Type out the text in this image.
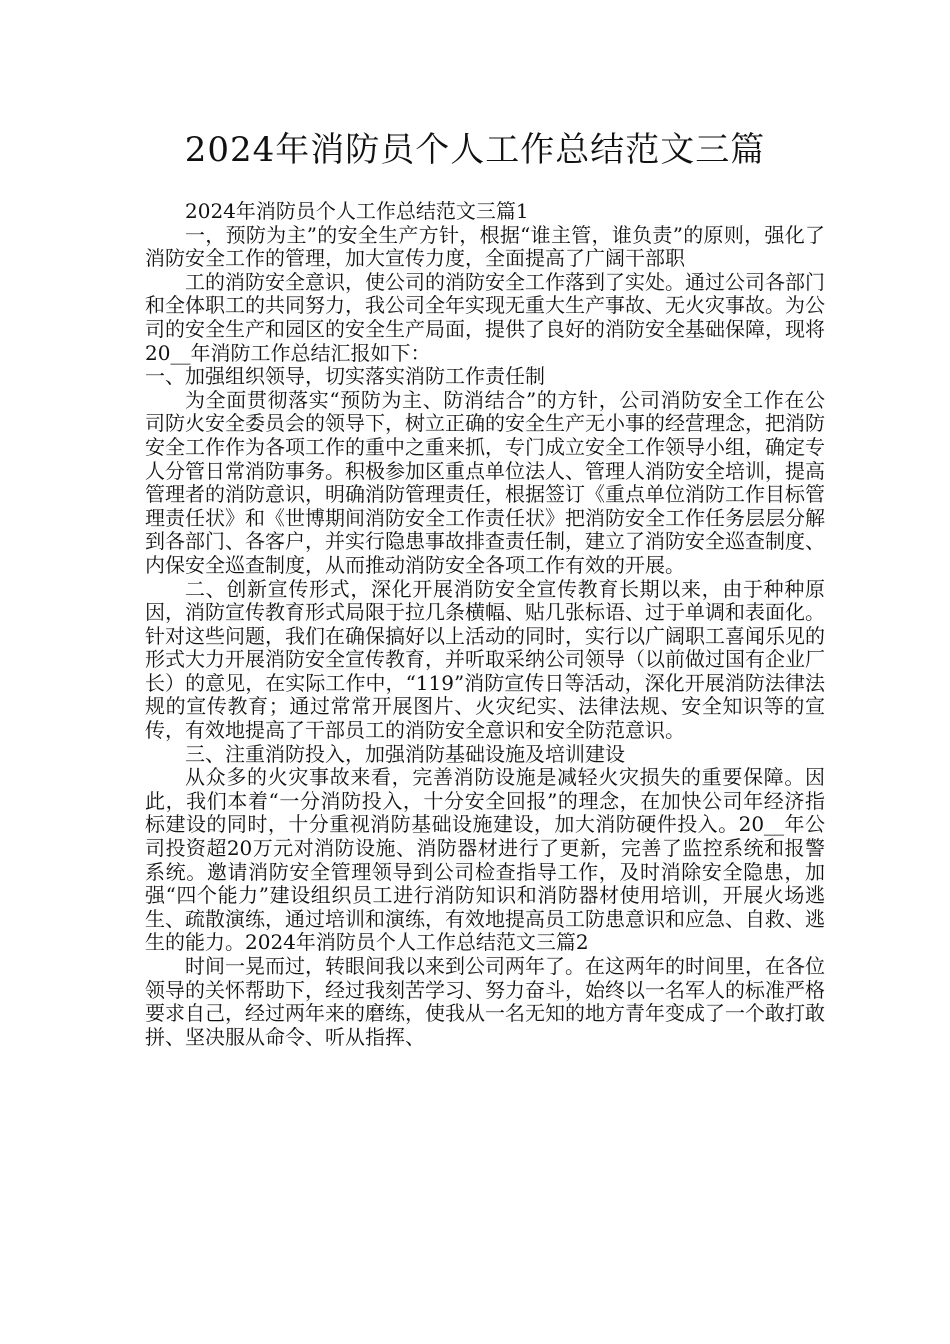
2024年消防员个人工作总结范文三篇

2024年消防员个人工作总结范文三篇1

一，预防为主”的安全生产方针，根据“谁主管，谁负责”的原则，强化了消防安全工作的管理，加大宣传力度，全面提高了广阔干部职

工的消防安全意识，使公司的消防安全工作落到了实处。通过公司各部门和全体职工的共同努力，我公司全年实现无重大生产事故、无火灾事故。为公司的安全生产和园区的安全生产局面，提供了良好的消防安全基础保障，现将20__年消防工作总结汇报如下：

一、加强组织领导，切实落实消防工作责任制

为全面贯彻落实“预防为主、防消结合”的方针，公司消防安全工作在公司防火安全委员会的领导下，树立正确的安全生产无小事的经营理念，把消防安全工作作为各项工作的重中之重来抓，专门成立安全工作领导小组，确定专人分管日常消防事务。积极参加区重点单位法人、管理人消防安全培训，提高管理者的消防意识，明确消防管理责任，根据签订《重点单位消防工作目标管理责任状》和《世博期间消防安全工作责任状》把消防安全工作任务层层分解到各部门、各客户，并实行隐患事故排查责任制，建立了消防安全巡查制度、内保安全巡查制度，从而推动消防安全各项工作有效的开展。

二、创新宣传形式，深化开展消防安全宣传教育长期以来，由于种种原因，消防宣传教育形式局限于拉几条横幅、贴几张标语、过于单调和表面化。针对这些问题，我们在确保搞好以上活动的同时，实行以广阔职工喜闻乐见的形式大力开展消防安全宣传教育，并听取采纳公司领导（以前做过国有企业厂长）的意见，在实际工作中，“119”消防宣传日等活动，深化开展消防法律法规的宣传教育；通过常常开展图片、火灾纪实、法律法规、安全知识等的宣传，有效地提高了干部员工的消防安全意识和安全防范意识。

三、注重消防投入，加强消防基础设施及培训建设

从众多的火灾事故来看，完善消防设施是减轻火灾损失的重要保障。因此，我们本着“一分消防投入，十分安全回报”的理念，在加快公司年经济指标建设的同时，十分重视消防基础设施建设，加大消防硬件投入。20__年公司投资超20万元对消防设施、消防器材进行了更新，完善了监控系统和报警系统。邀请消防安全管理领导到公司检查指导工作，及时消除安全隐患，加强“四个能力”建设组织员工进行消防知识和消防器材使用培训，开展火场逃生、疏散演练，通过培训和演练，有效地提高员工防患意识和应急、自救、逃生的能力。2024年消防员个人工作总结范文三篇2

时间一晃而过，转眼间我以来到公司两年了。在这两年的时间里，在各位领导的关怀帮助下，经过我刻苦学习、努力奋斗，始终以一名军人的标准严格要求自己，经过两年来的磨练，使我从一名无知的地方青年变成了一个敢打敢拼、坚决服从命令、听从指挥、
